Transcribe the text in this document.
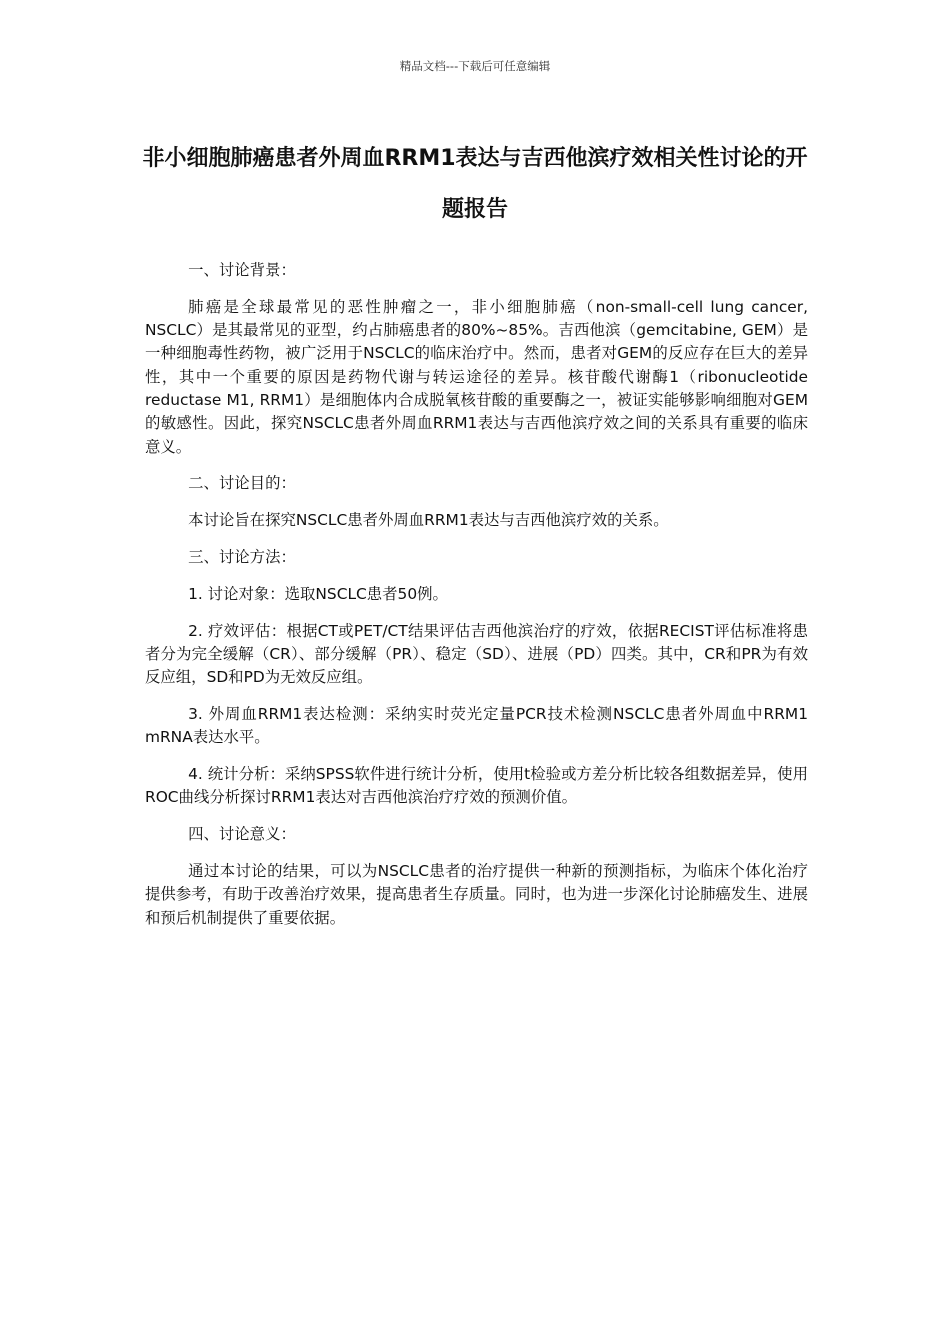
精品文档---下载后可任意编辑
非小细胞肺癌患者外周血RRM1表达与吉西他滨疗效相关性讨论的开题报告

一、讨论背景：

肺癌是全球最常见的恶性肿瘤之一，非小细胞肺癌（non-small-cell lung cancer, NSCLC）是其最常见的亚型，约占肺癌患者的80%~85%。吉西他滨（gemcitabine, GEM）是一种细胞毒性药物，被广泛用于NSCLC的临床治疗中。然而，患者对GEM的反应存在巨大的差异性，其中一个重要的原因是药物代谢与转运途径的差异。核苷酸代谢酶1（ribonucleotide reductase M1, RRM1）是细胞体内合成脱氧核苷酸的重要酶之一，被证实能够影响细胞对GEM的敏感性。因此，探究NSCLC患者外周血RRM1表达与吉西他滨疗效之间的关系具有重要的临床意义。

二、讨论目的：

本讨论旨在探究NSCLC患者外周血RRM1表达与吉西他滨疗效的关系。

三、讨论方法：

1. 讨论对象：选取NSCLC患者50例。

2. 疗效评估：根据CT或PET/CT结果评估吉西他滨治疗的疗效，依据RECIST评估标准将患者分为完全缓解（CR）、部分缓解（PR）、稳定（SD）、进展（PD）四类。其中，CR和PR为有效反应组，SD和PD为无效反应组。

3. 外周血RRM1表达检测：采纳实时荧光定量PCR技术检测NSCLC患者外周血中RRM1 mRNA表达水平。

4. 统计分析：采纳SPSS软件进行统计分析，使用t检验或方差分析比较各组数据差异，使用ROC曲线分析探讨RRM1表达对吉西他滨治疗疗效的预测价值。

四、讨论意义：

通过本讨论的结果，可以为NSCLC患者的治疗提供一种新的预测指标，为临床个体化治疗提供参考，有助于改善治疗效果，提高患者生存质量。同时，也为进一步深化讨论肺癌发生、进展和预后机制提供了重要依据。
